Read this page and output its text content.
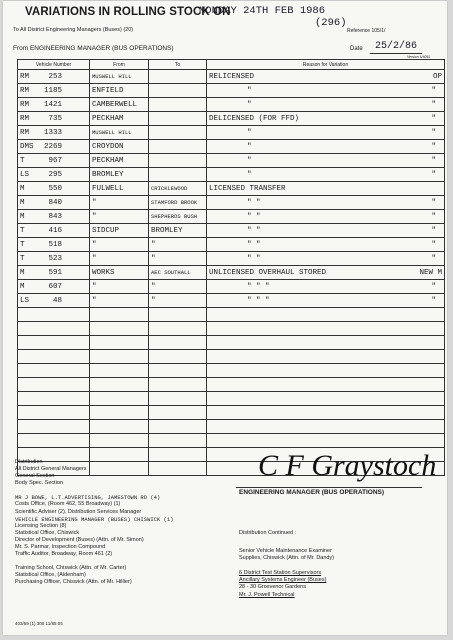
VARIATIONS IN ROLLING STOCK ON
MONDAY 24TH FEB 1986
(296)
To All District Engineering Managers (Buses) (20)	Reference 105/1/
From ENGINEERING MANAGER (BUS OPERATIONS)	Date 25/2/86
Version 4/4051
Vehicle Number	From	To	Reason for Variation
RM 253	MUSWELL HILL		RELICENSED OP

RM 1185	ENFIELD		" "

RM 1421	CAMBERWELL		" "

RM 735	PECKHAM		DELICENSED (FOR FFD) "

RM 1333	MUSWELL HILL		" "

DMS 2269	CROYDON		" "

T 967	PECKHAM		" "

LS 295	BROMLEY		" "

M 550	FULWELL	CRICKLEWOOD	LICENSED TRANSFER
M 840	"	STAMFORD BROOK	" " "

M 843	"	SHEPHERDS BUSH	" " "

T 416	SIDCUP	BROMLEY	" " "

T 518	"	"	" " "

T 523	"	"	" " "

M 591	WORKS	AEC SOUTHALL	UNLICENSED OVERHAUL STORED NEW M

M 607	"	"	" " " "

LS 48	"	"	" " " "

Distribution
All District General Managers
General Section
Body Spec. Section
MR J BOWE, L.T.ADVERTISING, JAMESTOWN RD (4)
Costs Office, (Room 462, 55 Broadway) (1)
Scientific Adviser (2), Distribution Services Manager
VEHICLE ENGINEERING MANAGER (BUSES) CHISWICK (1)
Licensing Section (8)
Statistical Office, Chiswick
Director of Development (Buses) (Attn. of Mr. Simon)
Mr. S. Parmar, Inspection Compound
Traffic Auditor, Broadway, Room 461 (2)
Training School, Chiswick (Attn. of Mr. Carter)
Statistical Office, (Aldenham)
Purchasing Officer, Chiswick (Attn. of Mr. Hillier)
C F Graystoch
ENGINEERING MANAGER (BUS OPERATIONS)
Distribution Continued :
Senior Vehicle Maintenance Examiner
Supplies, Chiswick (Attn. of Mr. Dandy)

6 District Test Station Supervisors
Ancillary Systems Engineer (Buses)
28 - 30 Grosvenor Gardens
Mr. J. Powell Technical
403/59 (1) 300 11/85 04
